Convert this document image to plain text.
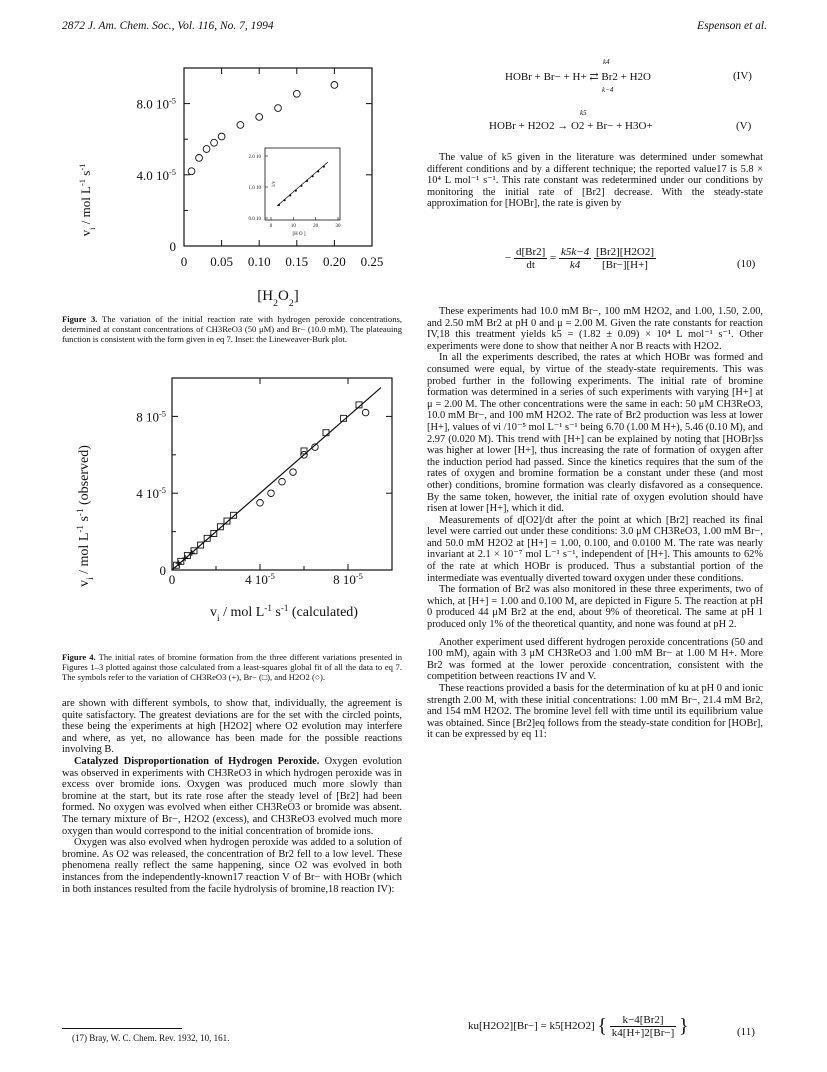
2872 J. Am. Chem. Soc., Vol. 116, No. 7, 1994	Espenson et al.
0 0.05 0.10 0.15 0.20 0.25
8.0 $10^{-5}$
4.0 $10^{-5}$
0
$v_i$ / mol $L^{-1}$ $s^{-1}$
$[H_2O_2]$
2.0 10
1.0 10
0.0 10
0	10	20	30
1/v
[H O ]
Figure 3. The variation of the initial reaction rate with hydrogen peroxide concentrations, determined at constant concentrations of CH3ReO3 (50 μM) and Br− (10.0 mM). The plateauing function is consistent with the form given in eq 7. Inset: the Lineweaver-Burk plot.
0	4 $10^{-5}$	8 $10^{-5}$
8 $10^{-5}$
4 $10^{-5}$
0
$v_i$ / mol $L^{-1}$ $s^{-1}$ (observed)
$v_i$ / mol $L^{-1}$ $s^{-1}$ (calculated)
Figure 4. The initial rates of bromine formation from the three different variations presented in Figures 1–3 plotted against those calculated from a least-squares global fit of all the data to eq 7. The symbols refer to the variation of CH3ReO3 (+), Br− (□), and H2O2 (○).

are shown with different symbols, to show that, individually, the agreement is quite satisfactory. The greatest deviations are for the set with the circled points, these being the experiments at high [H2O2] where O2 evolution may interfere and where, as yet, no allowance has been made for the possible reactions involving B.

Catalyzed Disproportionation of Hydrogen Peroxide. Oxygen evolution was observed in experiments with CH3ReO3 in which hydrogen peroxide was in excess over bromide ions. Oxygen was produced much more slowly than bromine at the start, but its rate rose after the steady level of [Br2] had been formed. No oxygen was evolved when either CH3ReO3 or bromide was absent. The ternary mixture of Br−, H2O2 (excess), and CH3ReO3 evolved much more oxygen than would correspond to the initial concentration of bromide ions.

Oxygen was also evolved when hydrogen peroxide was added to a solution of bromine. As O2 was released, the concentration of Br2 fell to a low level. These phenomena really reflect the same happening, since O2 was evolved in both instances from the independently-known17 reaction V of Br− with HOBr (which in both instances resulted from the facile hydrolysis of bromine,18 reaction IV):

(17) Bray, W. C. Chem. Rev. 1932, 10, 161.
HOBr + Br− + H+ ⇄ Br2 + H2O
k4
k−4
(IV)
HOBr + H2O2 → O2 + Br− + H3O+
k5
(V)

The value of k5 given in the literature was determined under somewhat different conditions and by a different technique; the reported value17 is 5.8 × 10⁴ L mol⁻¹ s⁻¹. This rate constant was redetermined under our conditions by monitoring the initial rate of [Br2] decrease. With the steady-state approximation for [HOBr], the rate is given by

− $\frac{d[Br2]}{dt} = \frac{k5k-4}{k4}$
$\frac{[Br2][H2O2]}{[Br-][H+]}$	(10)

These experiments had 10.0 mM Br−, 100 mM H2O2, and 1.00, 1.50, 2.00, and 2.50 mM Br2 at pH 0 and μ = 2.00 M. Given the rate constants for reaction IV,18 this treatment yields k5 = (1.82 ± 0.09) × 10⁴ L mol⁻¹ s⁻¹. Other experiments were done to show that neither A nor B reacts with H2O2.

In all the experiments described, the rates at which HOBr was formed and consumed were equal, by virtue of the steady-state requirements. This was probed further in the following experiments. The initial rate of bromine formation was determined in a series of such experiments with varying [H+] at μ = 2.00 M. The other concentrations were the same in each: 50 μM CH3ReO3, 10.0 mM Br−, and 100 mM H2O2. The rate of Br2 production was less at lower [H+], values of vi /10⁻⁵ mol L⁻¹ s⁻¹ being 6.70 (1.00 M H+), 5.46 (0.10 M), and 2.97 (0.020 M). This trend with [H+] can be explained by noting that [HOBr]ss was higher at lower [H+], thus increasing the rate of formation of oxygen after the induction period had passed. Since the kinetics requires that the sum of the rates of oxygen and bromine formation be a constant under these (and most other) conditions, bromine formation was clearly disfavored as a consequence. By the same token, however, the initial rate of oxygen evolution should have risen at lower [H+], which it did.

Measurements of d[O2]/dt after the point at which [Br2] reached its final level were carried out under these conditions: 3.0 μM CH3ReO3, 1.00 mM Br−, and 50.0 mM H2O2 at [H+] = 1.00, 0.100, and 0.0100 M. The rate was nearly invariant at 2.1 × 10⁻⁷ mol L⁻¹ s⁻¹, independent of [H+]. This amounts to 62% of the rate at which HOBr is produced. Thus a substantial portion of the intermediate was eventually diverted toward oxygen under these conditions.

The formation of Br2 was also monitored in these three experiments, two of which, at [H+] = 1.00 and 0.100 M, are depicted in Figure 5. The reaction at pH 0 produced 44 μM Br2 at the end, about 9% of theoretical. The same at pH 1 produced only 1% of the theoretical quantity, and none was found at pH 2.

Another experiment used different hydrogen peroxide concentrations (50 and 100 mM), again with 3 μM CH3ReO3 and 1.00 mM Br− at 1.00 M H+. More Br2 was formed at the lower peroxide concentration, consistent with the competition between reactions IV and V.

These reactions provided a basis for the determination of ku at pH 0 and ionic strength 2.00 M, with these initial concentrations: 1.00 mM Br−, 21.4 mM Br2, and 154 mM H2O2. The bromine level fell with time until its equilibrium value was obtained. Since [Br2]eq follows from the steady-state condition for [HOBr], it can be expressed by eq 11:

ku[H2O2][Br−] = k5[H2O2] { $\frac{k-4[Br2]}{k4[H+]2[Br-]}$ }	(11)
